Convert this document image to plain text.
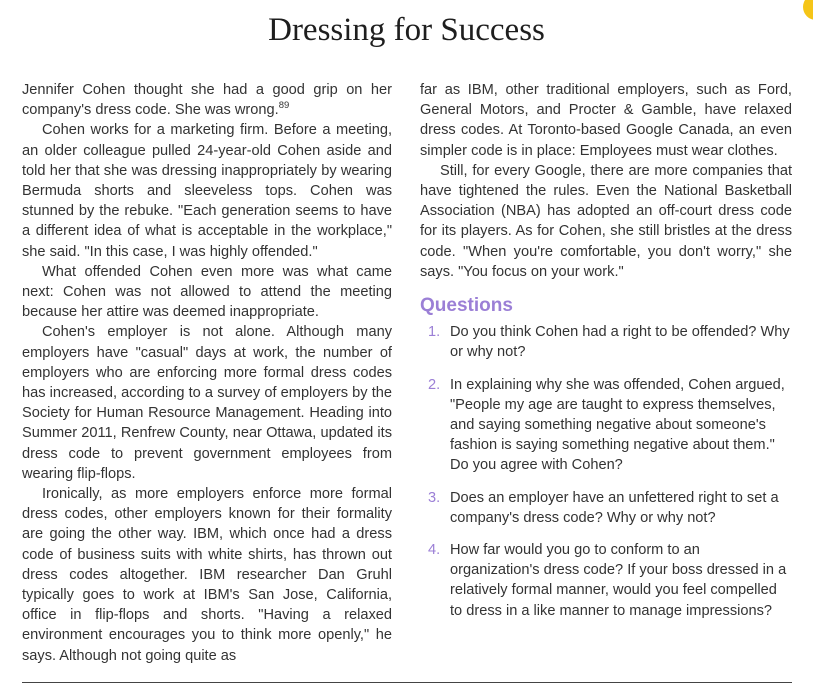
Dressing for Success

Jennifer Cohen thought she had a good grip on her company's dress code. She was wrong.$^{89}$

Cohen works for a marketing firm. Before a meeting, an older colleague pulled 24-year-old Cohen aside and told her that she was dressing inappropriately by wearing Bermuda shorts and sleeveless tops. Cohen was stunned by the rebuke. "Each generation seems to have a different idea of what is acceptable in the workplace," she said. "In this case, I was highly offended."

What offended Cohen even more was what came next: Cohen was not allowed to attend the meeting because her attire was deemed inappropriate.

Cohen's employer is not alone. Although many employers have "casual" days at work, the number of employers who are enforcing more formal dress codes has increased, according to a survey of employers by the Society for Human Resource Management. Heading into Summer 2011, Renfrew County, near Ottawa, updated its dress code to prevent government employees from wearing flip-flops.

Ironically, as more employers enforce more formal dress codes, other employers known for their formality are going the other way. IBM, which once had a dress code of business suits with white shirts, has thrown out dress codes altogether. IBM researcher Dan Gruhl typically goes to work at IBM's San Jose, California, office in flip-flops and shorts. "Having a relaxed environment encourages you to think more openly," he says. Although not going quite as

far as IBM, other traditional employers, such as Ford, General Motors, and Procter & Gamble, have relaxed dress codes. At Toronto-based Google Canada, an even simpler code is in place: Employees must wear clothes.

Still, for every Google, there are more companies that have tightened the rules. Even the National Basketball Association (NBA) has adopted an off-court dress code for its players. As for Cohen, she still bristles at the dress code. "When you're comfortable, you don't worry," she says. "You focus on your work."

Questions
1. Do you think Cohen had a right to be offended? Why or why not?
2. In explaining why she was offended, Cohen argued, "People my age are taught to express themselves, and saying something negative about someone's fashion is saying something negative about them." Do you agree with Cohen?
3. Does an employer have an unfettered right to set a company's dress code? Why or why not?
4. How far would you go to conform to an organization's dress code? If your boss dressed in a relatively formal manner, would you feel compelled to dress in a like manner to manage impressions?
